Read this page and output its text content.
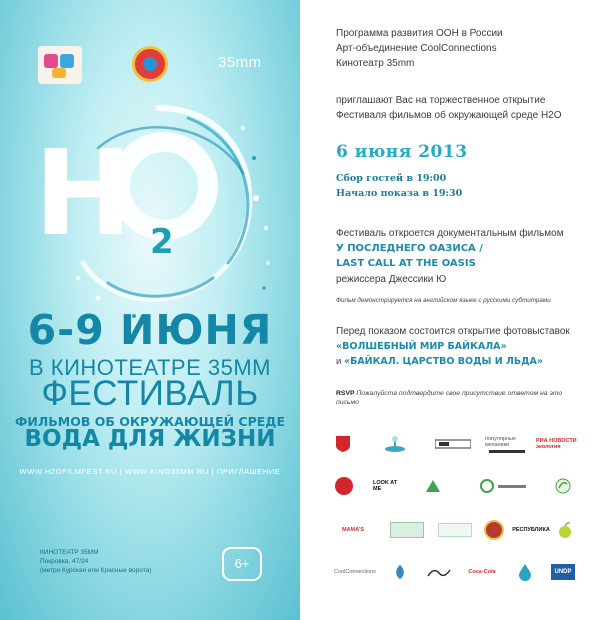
35mm
H 2
6-9 ИЮНЯ
В КИНОТЕАТРЕ 35ММ
ФЕСТИВАЛЬ
ФИЛЬМОВ ОБ ОКРУЖАЮЩЕЙ СРЕДЕ
ВОДА ДЛЯ ЖИЗНИ
WWW.H2OFILMFEST.RU | WWW.KINO35MM.RU | ПРИГЛАШЕНИЕ
КИНОТЕАТР 35ММ
Покровка, 47/24
(метро Курская или Красные ворота)	6+
Программа развития ООН в России
Арт-объединение CoolConnections
Кинотеатр 35mm
приглашают Вас на торжественное открытие
Фестиваля фильмов об окружающей среде H2O
6 июня 2013
Сбор гостей в 19:00
Начало показа в 19:30
Фестиваль откроется документальным фильмом
У ПОСЛЕДНЕГО ОАЗИСА /
LAST CALL AT THE OASIS
режиссера Джессики Ю
Фильм демонстрируется на английском языке с русскими субтитрами
Перед показом состоится открытие фотовыставок
«ВОЛШЕБНЫЙ МИР БАЙКАЛА»
и «БАЙКАЛ. ЦАРСТВО ВОДЫ И ЛЬДА»
RSVP Пожалуйста подтвердите свое присутствие ответом на это письмо
популярные механики
РИА НОВОСТИ экология
LOOK AT ME
MAMA'S	РЕСПУБЛИКА
CoolConnections	Coca-Cola	UNDP
